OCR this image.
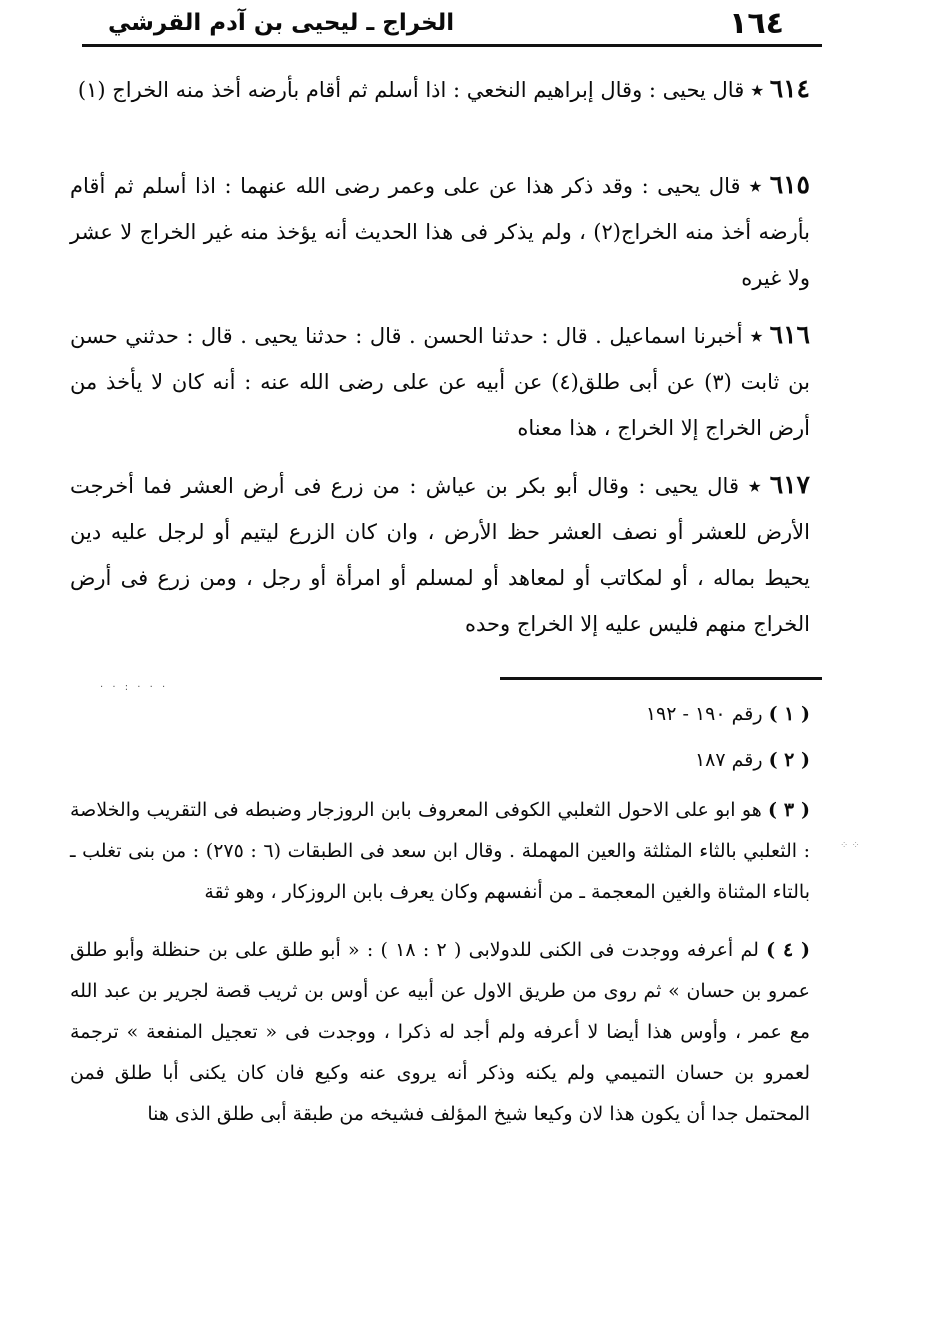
١٦٤
الخراج ـ ليحيى بن آدم القرشي

٦١٤ ٭ قال يحيى : وقال إبراهيم النخعي : اذا أسلم ثم أقام بأرضه أخذ منه الخراج (١)

٦١٥ ٭ قال يحيى : وقد ذكر هذا عن على وعمر رضى الله عنهما : اذا أسلم ثم أقام بأرضه أخذ منه الخراج(٢) ، ولم يذكر فى هذا الحديث أنه يؤخذ منه غير الخراج لا عشر ولا غيره

٦١٦ ٭ أخبرنا اسماعيل . قال : حدثنا الحسن . قال : حدثنا يحيى . قال : حدثني حسن بن ثابت (٣) عن أبى طلق(٤) عن أبيه عن على رضى الله عنه : أنه كان لا يأخذ من أرض الخراج إلا الخراج ، هذا معناه

٦١٧ ٭ قال يحيى : وقال أبو بكر بن عياش : من زرع فى أرض العشر فما أخرجت الأرض للعشر أو نصف العشر حظ الأرض ، وان كان الزرع ليتيم أو لرجل عليه دين يحيط بماله ، أو لمكاتب أو لمعاهد أو لمسلم أو امرأة أو رجل ، ومن زرع فى أرض الخراج منهم فليس عليه إلا الخراج وحده

· · : · · ·
⁘⁘
( ١ ) رقم ١٩٠ - ١٩٢
( ٢ ) رقم ١٨٧
( ٣ ) هو ابو على الاحول الثعلبي الكوفى المعروف بابن الروزجار وضبطه فى التقريب والخلاصة : الثعلبي بالثاء المثلثة والعين المهملة . وقال ابن سعد فى الطبقات (٦ : ٢٧٥) : من بنى تغلب ـ بالتاء المثناة والغين المعجمة ـ من أنفسهم وكان يعرف بابن الروزكار ، وهو ثقة
( ٤ ) لم أعرفه ووجدت فى الكنى للدولابى ( ٢ : ١٨ ) : « أبو طلق على بن حنظلة وأبو طلق عمرو بن حسان » ثم روى من طريق الاول عن أبيه عن أوس بن ثريب قصة لجرير بن عبد الله مع عمر ، وأوس هذا أيضا لا أعرفه ولم أجد له ذكرا ، ووجدت فى « تعجيل المنفعة » ترجمة لعمرو بن حسان التميمي ولم يكنه وذكر أنه يروى عنه وكيع فان كان يكنى أبا طلق فمن المحتمل جدا أن يكون هذا لان وكيعا شيخ المؤلف فشيخه من طبقة أبى طلق الذى هنا
